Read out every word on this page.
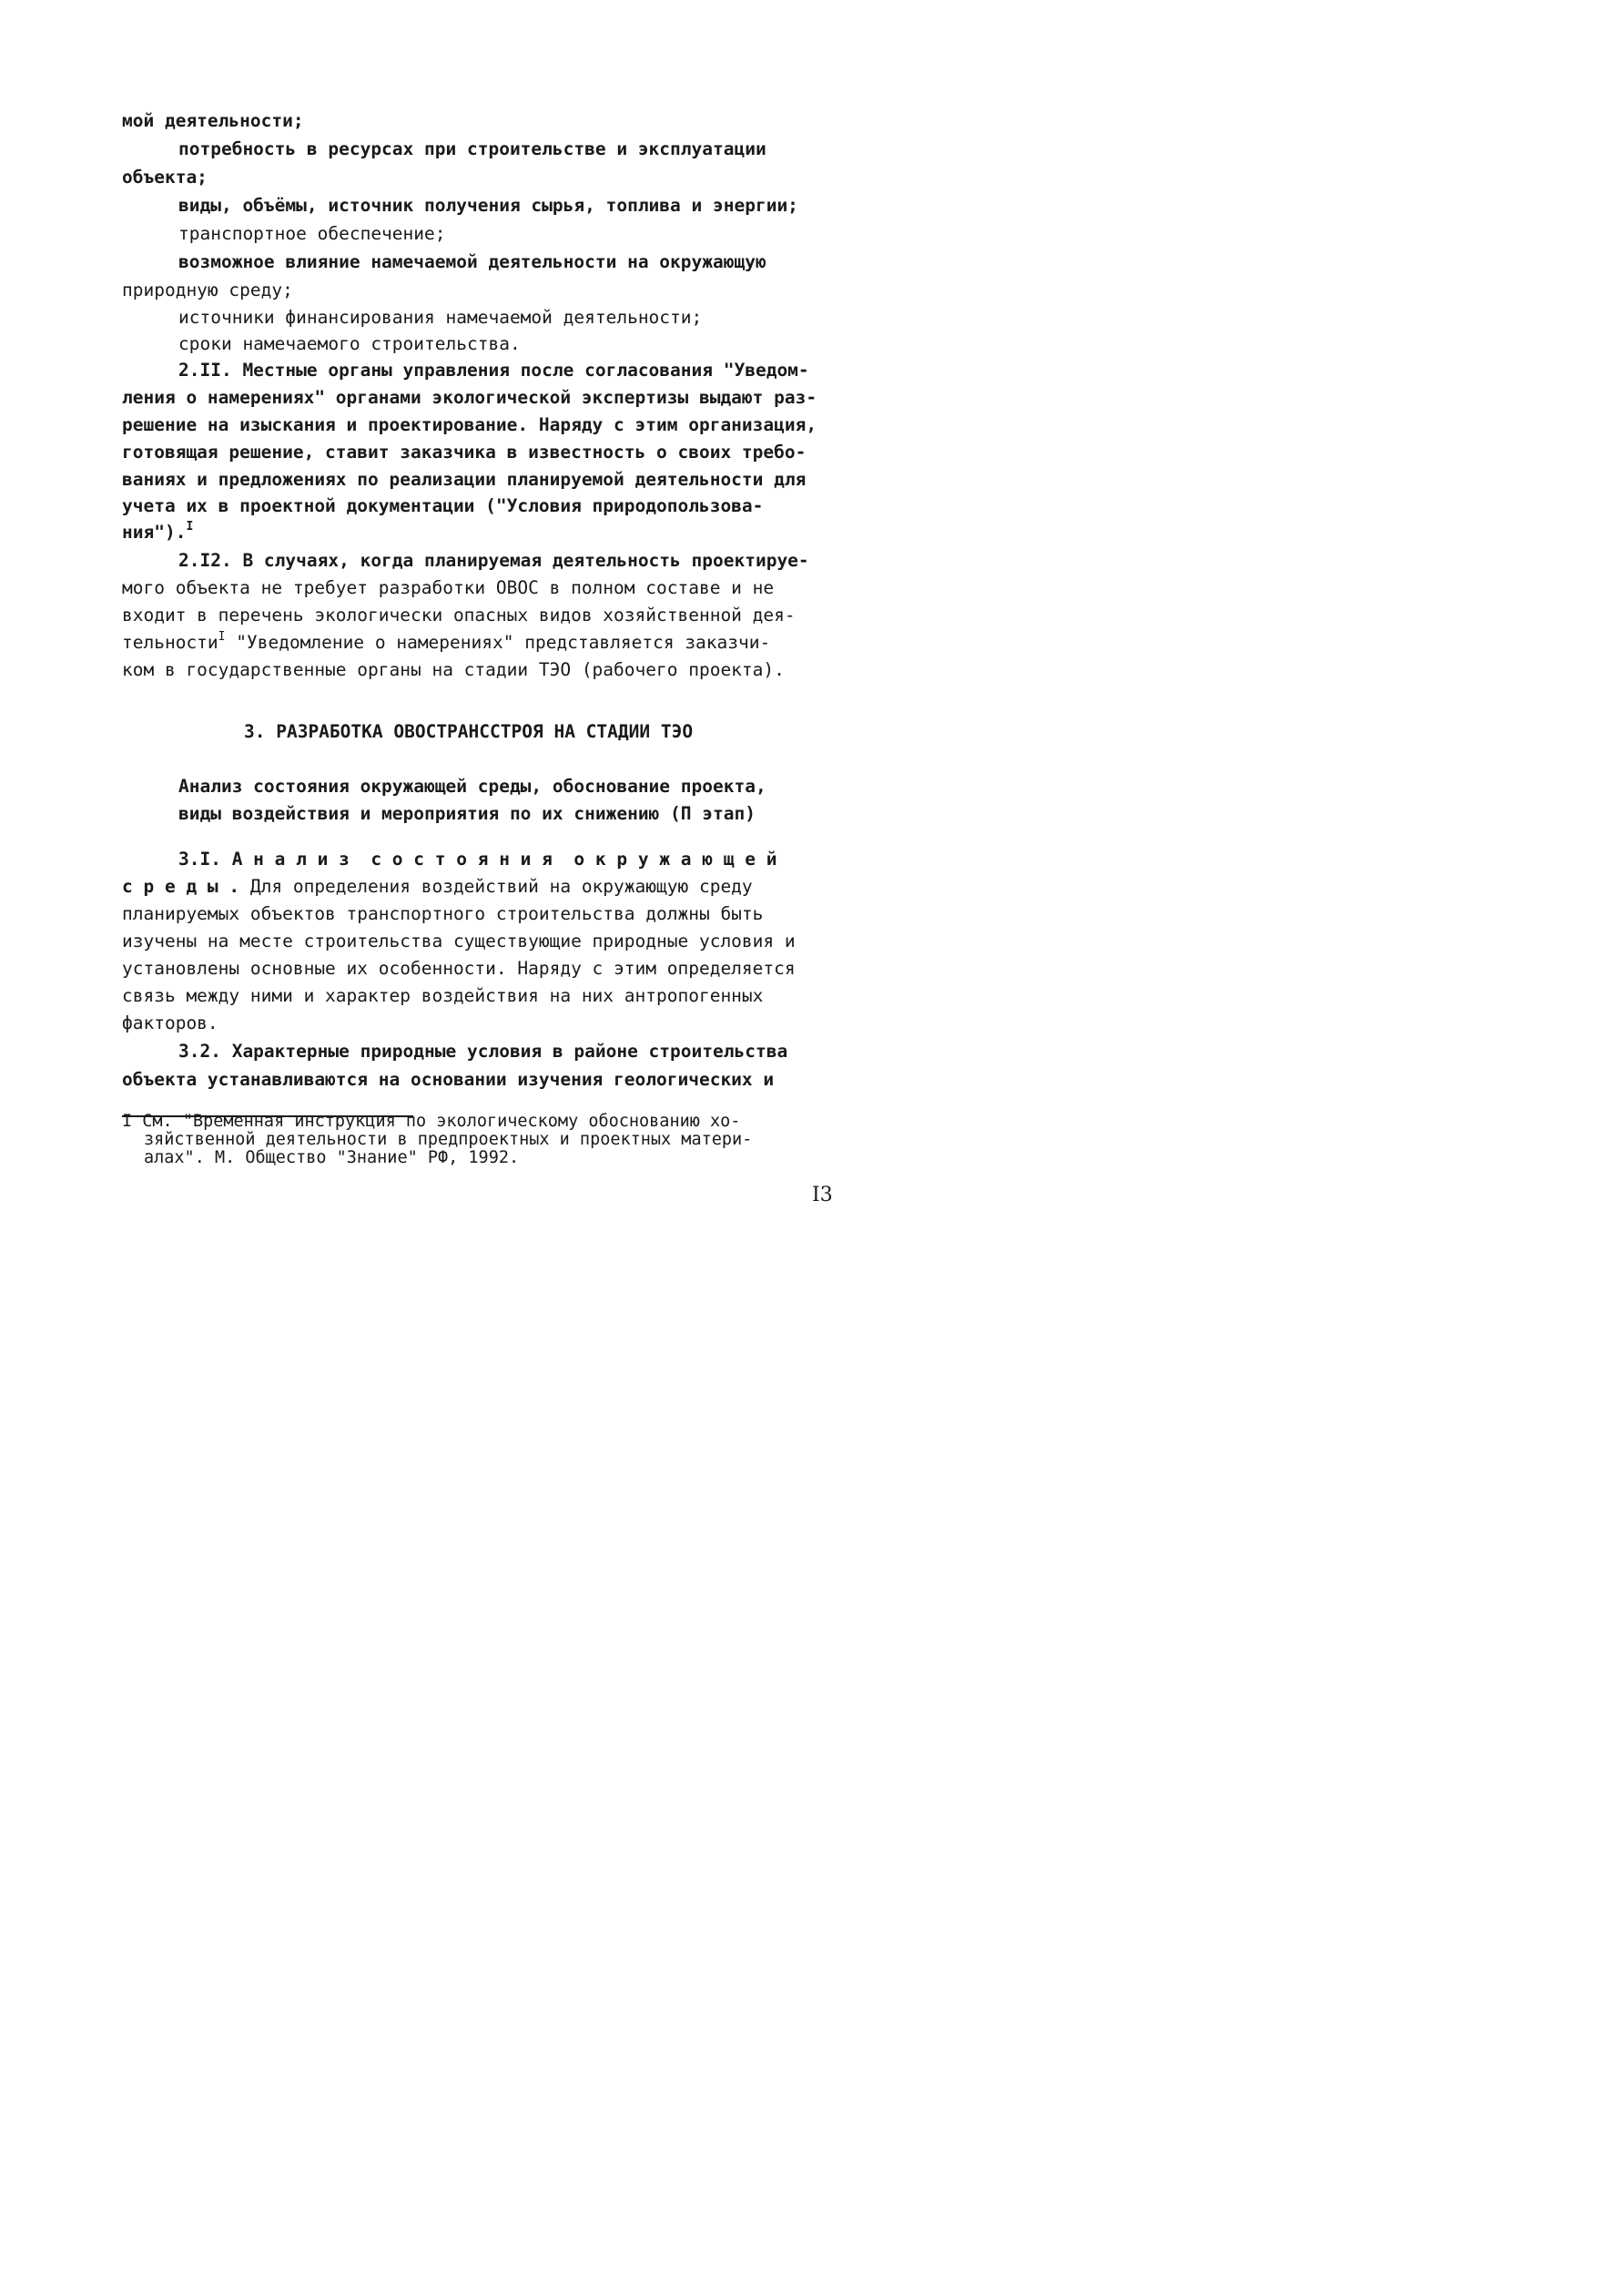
мой деятельности;
потребность в ресурсах при строительстве и эксплуатации
объекта;
виды, объёмы, источник получения сырья, топлива и энергии;
транспортное обеспечение;
возможное влияние намечаемой деятельности на окружающую
природную среду;
источники финансирования намечаемой деятельности;
сроки намечаемого строительства.
2.II. Местные органы управления после согласования "Уведом-
ления о намерениях" органами экологической экспертизы выдают раз-
решение на изыскания и проектирование. Наряду с этим организация,
готовящая решение, ставит заказчика в известность о своих требо-
ваниях и предложениях по реализации планируемой деятельности для
учета их в проектной документации ("Условия природопользова-
ния").$^I$
2.I2. В случаях, когда планируемая деятельность проектируе-
мого объекта не требует разработки ОВОС в полном составе и не
входит в перечень экологически опасных видов хозяйственной дея-
тельности$^I$ "Уведомление о намерениях" представляется заказчи-
ком в государственные органы на стадии ТЭО (рабочего проекта).
3. РАЗРАБОТКА ОВОСТРАНССТРОЯ НА СТАДИИ ТЭО
Анализ состояния окружающей среды, обоснование проекта,
виды воздействия и мероприятия по их снижению (П этап)
3.I. А н а л и з  с о с т о я н и я  о к р у ж а ю щ е й
с р е д ы . Для определения воздействий на окружающую среду
планируемых объектов транспортного строительства должны быть
изучены на месте строительства существующие природные условия и
установлены основные их особенности. Наряду с этим определяется
связь между ними и характер воздействия на них антропогенных
факторов.
3.2. Характерные природные условия в районе строительства
объекта устанавливаются на основании изучения геологических и
I См. "Временная инструкция по экологическому обоснованию хо-
зяйственной деятельности в предпроектных и проектных матери-
алах". М. Общество "Знание" РФ, 1992.
I3
